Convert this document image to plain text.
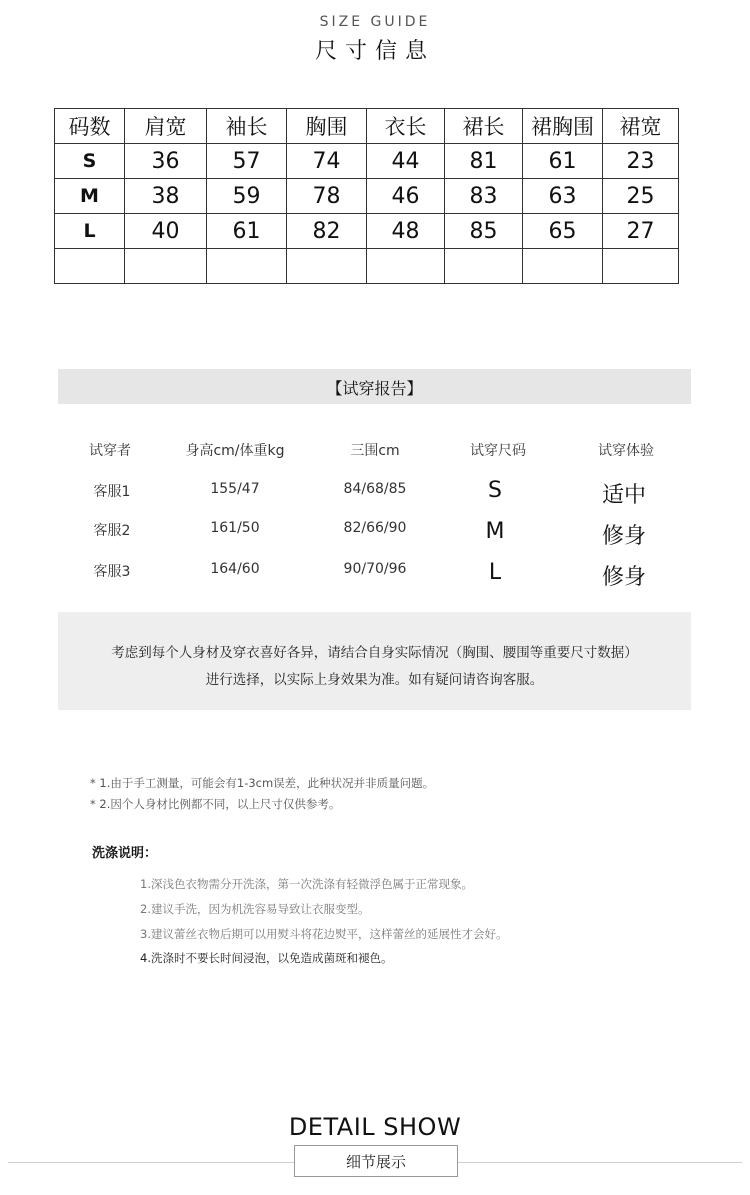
SIZE GUIDE
尺寸信息
码数	肩宽	袖长	胸围	衣长	裙长	裙胸围	裙宽
S	36	57	74	44	81	61	23
M	38	59	78	46	83	63	25
L	40	61	82	48	85	65	27

【试穿报告】
试穿者	身高cm/体重kg	三围cm	试穿尺码	试穿体验
客服1	155/47	84/68/85	S	适中
客服2	161/50	82/66/90	M	修身
客服3	164/60	90/70/96	L	修身
考虑到每个人身材及穿衣喜好各异，请结合自身实际情况（胸围、腰围等重要尺寸数据）
进行选择，以实际上身效果为准。如有疑问请咨询客服。
* 1.由于手工测量，可能会有1-3cm误差，此种状况并非质量问题。
* 2.因个人身材比例都不同，以上尺寸仅供参考。
洗涤说明：
1.深浅色衣物需分开洗涤，第一次洗涤有轻微浮色属于正常现象。
2.建议手洗，因为机洗容易导致让衣服变型。
3.建议蕾丝衣物后期可以用熨斗将花边熨平，这样蕾丝的延展性才会好。
4.洗涤时不要长时间浸泡，以免造成菌斑和褪色。
DETAIL SHOW
细节展示
